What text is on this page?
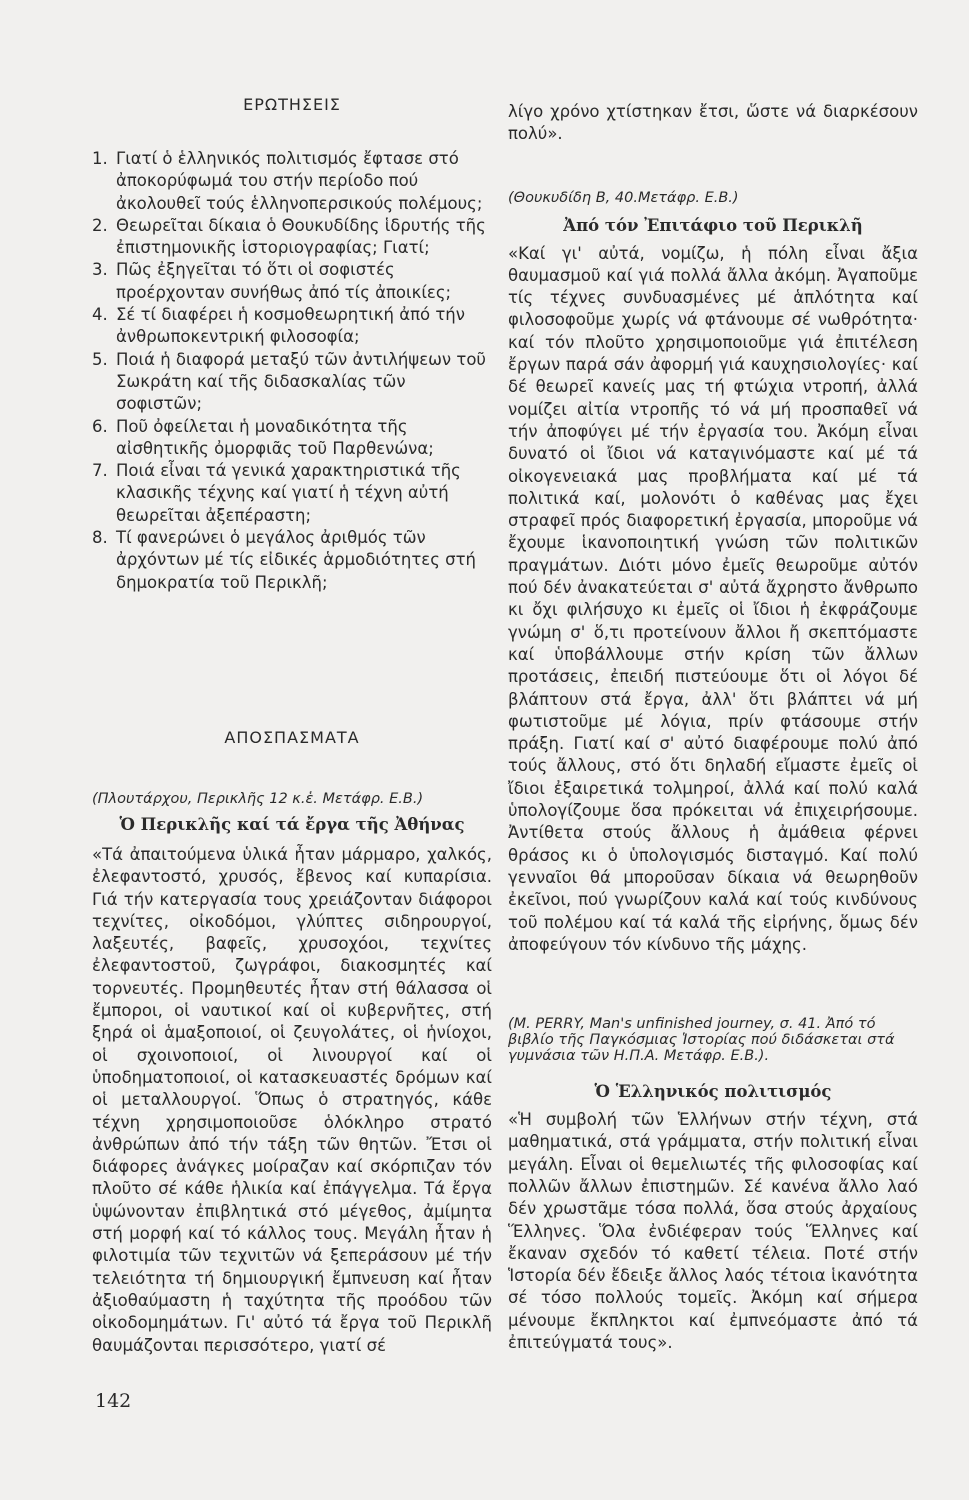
ΕΡΩΤΗΣΕΙΣ
1. Γιατί ὁ ἑλληνικός πολιτισμός ἔφτασε στό ἀποκορύφωμά του στήν περίοδο πού ἀκολουθεῖ τούς ἑλληνοπερσικούς πολέμους;
2. Θεωρεῖται δίκαια ὁ Θουκυδίδης ἱδρυτής τῆς ἐπιστημονικῆς ἱστοριογραφίας; Γιατί;
3. Πῶς ἐξηγεῖται τό ὅτι οἱ σοφιστές προέρχονταν συνήθως ἀπό τίς ἀποικίες;
4. Σέ τί διαφέρει ἡ κοσμοθεωρητική ἀπό τήν ἀνθρωποκεντρική φιλοσοφία;
5. Ποιά ἡ διαφορά μεταξύ τῶν ἀντιλήψεων τοῦ Σωκράτη καί τῆς διδασκαλίας τῶν σοφιστῶν;
6. Ποῦ ὀφείλεται ἡ μοναδικότητα τῆς αἰσθητικῆς ὀμορφιᾶς τοῦ Παρθενώνα;
7. Ποιά εἶναι τά γενικά χαρακτηριστικά τῆς κλασικῆς τέχνης καί γιατί ἡ τέχνη αὐτή θεωρεῖται ἀξεπέραστη;
8. Τί φανερώνει ὁ μεγάλος ἀριθμός τῶν ἀρχόντων μέ τίς εἰδικές ἁρμοδιότητες στή δημοκρατία τοῦ Περικλῆ;
ΑΠΟΣΠΑΣΜΑΤΑ

(Πλουτάρχου, Περικλῆς 12 κ.ἑ. Μετάφρ. Ε.Β.)

Ὁ Περικλῆς καί τά ἔργα τῆς Ἀθήνας

«Τά ἀπαιτούμενα ὑλικά ἦταν μάρμαρο, χαλκός, ἐλεφαντοστό, χρυσός, ἔβενος καί κυπαρίσια. Γιά τήν κατεργασία τους χρειάζονταν διάφοροι τεχνίτες, οἰκοδόμοι, γλύπτες σιδηρουργοί, λαξευτές, βαφεῖς, χρυσοχόοι, τεχνίτες ἐλεφαντοστοῦ, ζωγράφοι, διακοσμητές καί τορνευτές. Προμηθευτές ἦταν στή θάλασσα οἱ ἔμποροι, οἱ ναυτικοί καί οἱ κυβερνῆτες, στή ξηρά οἱ ἁμαξοποιοί, οἱ ζευγολάτες, οἱ ἡνίοχοι, οἱ σχοινοποιοί, οἱ λινουργοί καί οἱ ὑποδηματοποιοί, οἱ κατασκευαστές δρόμων καί οἱ μεταλλουργοί. Ὅπως ὁ στρατηγός, κάθε τέχνη χρησιμοποιοῦσε ὁλόκληρο στρατό ἀνθρώπων ἀπό τήν τάξη τῶν θητῶν. Ἔτσι οἱ διάφορες ἀνάγκες μοίραζαν καί σκόρπιζαν τόν πλοῦτο σέ κάθε ἡλικία καί ἐπάγγελμα. Τά ἔργα ὑψώνονταν ἐπιβλητικά στό μέγεθος, ἀμίμητα στή μορφή καί τό κάλλος τους. Μεγάλη ἦταν ἡ φιλοτιμία τῶν τεχνιτῶν νά ξεπεράσουν μέ τήν τελειότητα τή δημιουργική ἔμπνευση καί ἦταν ἀξιοθαύμαστη ἡ ταχύτητα τῆς προόδου τῶν οἰκοδομημάτων. Γι' αὐτό τά ἔργα τοῦ Περικλῆ θαυμάζονται περισσότερο, γιατί σέ

λίγο χρόνο χτίστηκαν ἔτσι, ὥστε νά διαρκέσουν πολύ».

(Θουκυδίδη Β, 40.Μετάφρ. Ε.Β.)

Ἀπό τόν Ἐπιτάφιο τοῦ Περικλῆ

«Καί γι' αὐτά, νομίζω, ἡ πόλη εἶναι ἄξια θαυμασμοῦ καί γιά πολλά ἄλλα ἀκόμη. Ἀγαποῦμε τίς τέχνες συνδυασμένες μέ ἁπλότητα καί φιλοσοφοῦμε χωρίς νά φτάνουμε σέ νωθρότητα· καί τόν πλοῦτο χρησιμοποιοῦμε γιά ἐπιτέλεση ἔργων παρά σάν ἀφορμή γιά καυχησιολογίες· καί δέ θεωρεῖ κανείς μας τή φτώχια ντροπή, ἀλλά νομίζει αἰτία ντροπῆς τό νά μή προσπαθεῖ νά τήν ἀποφύγει μέ τήν ἐργασία του. Ἀκόμη εἶναι δυνατό οἱ ἴδιοι νά καταγινόμαστε καί μέ τά οἰκογενειακά μας προβλήματα καί μέ τά πολιτικά καί, μολονότι ὁ καθένας μας ἔχει στραφεῖ πρός διαφορετική ἐργασία, μποροῦμε νά ἔχουμε ἱκανοποιητική γνώση τῶν πολιτικῶν πραγμάτων. Διότι μόνο ἐμεῖς θεωροῦμε αὐτόν πού δέν ἀνακατεύεται σ' αὐτά ἄχρηστο ἄνθρωπο κι ὄχι φιλήσυχο κι ἐμεῖς οἱ ἴδιοι ἡ ἐκφράζουμε γνώμη σ' ὅ,τι προτείνουν ἄλλοι ἤ σκεπτόμαστε καί ὑποβάλλουμε στήν κρίση τῶν ἄλλων προτάσεις, ἐπειδή πιστεύουμε ὅτι οἱ λόγοι δέ βλάπτουν στά ἔργα, ἀλλ' ὅτι βλάπτει νά μή φωτιστοῦμε μέ λόγια, πρίν φτάσουμε στήν πράξη. Γιατί καί σ' αὐτό διαφέρουμε πολύ ἀπό τούς ἄλλους, στό ὅτι δηλαδή εἴμαστε ἐμεῖς οἱ ἴδιοι ἐξαιρετικά τολμηροί, ἀλλά καί πολύ καλά ὑπολογίζουμε ὅσα πρόκειται νά ἐπιχειρήσουμε. Ἀντίθετα στούς ἄλλους ἡ ἀμάθεια φέρνει θράσος κι ὁ ὑπολογισμός δισταγμό. Καί πολύ γενναῖοι θά μποροῦσαν δίκαια νά θεωρηθοῦν ἐκεῖνοι, πού γνωρίζουν καλά καί τούς κινδύνους τοῦ πολέμου καί τά καλά τῆς εἰρήνης, ὅμως δέν ἀποφεύγουν τόν κίνδυνο τῆς μάχης.

(M. PERRY, Man's unfinished journey, σ. 41. Ἀπό τό βιβλίο τῆς Παγκόσμιας Ἱστορίας πού διδάσκεται στά γυμνάσια τῶν Η.Π.Α. Μετάφρ. Ε.Β.).

Ὁ Ἑλληνικός πολιτισμός

«Ἡ συμβολή τῶν Ἑλλήνων στήν τέχνη, στά μαθηματικά, στά γράμματα, στήν πολιτική εἶναι μεγάλη. Εἶναι οἱ θεμελιωτές τῆς φιλοσοφίας καί πολλῶν ἄλλων ἐπιστημῶν. Σέ κανένα ἄλλο λαό δέν χρωστᾶμε τόσα πολλά, ὅσα στούς ἀρχαίους Ἕλληνες. Ὅλα ἐνδιέφεραν τούς Ἕλληνες καί ἔκαναν σχεδόν τό καθετί τέλεια. Ποτέ στήν Ἱστορία δέν ἔδειξε ἄλλος λαός τέτοια ἱκανότητα σέ τόσο πολλούς τομεῖς. Ἀκόμη καί σήμερα μένουμε ἔκπληκτοι καί ἐμπνεόμαστε ἀπό τά ἐπιτεύγματά τους».

142
